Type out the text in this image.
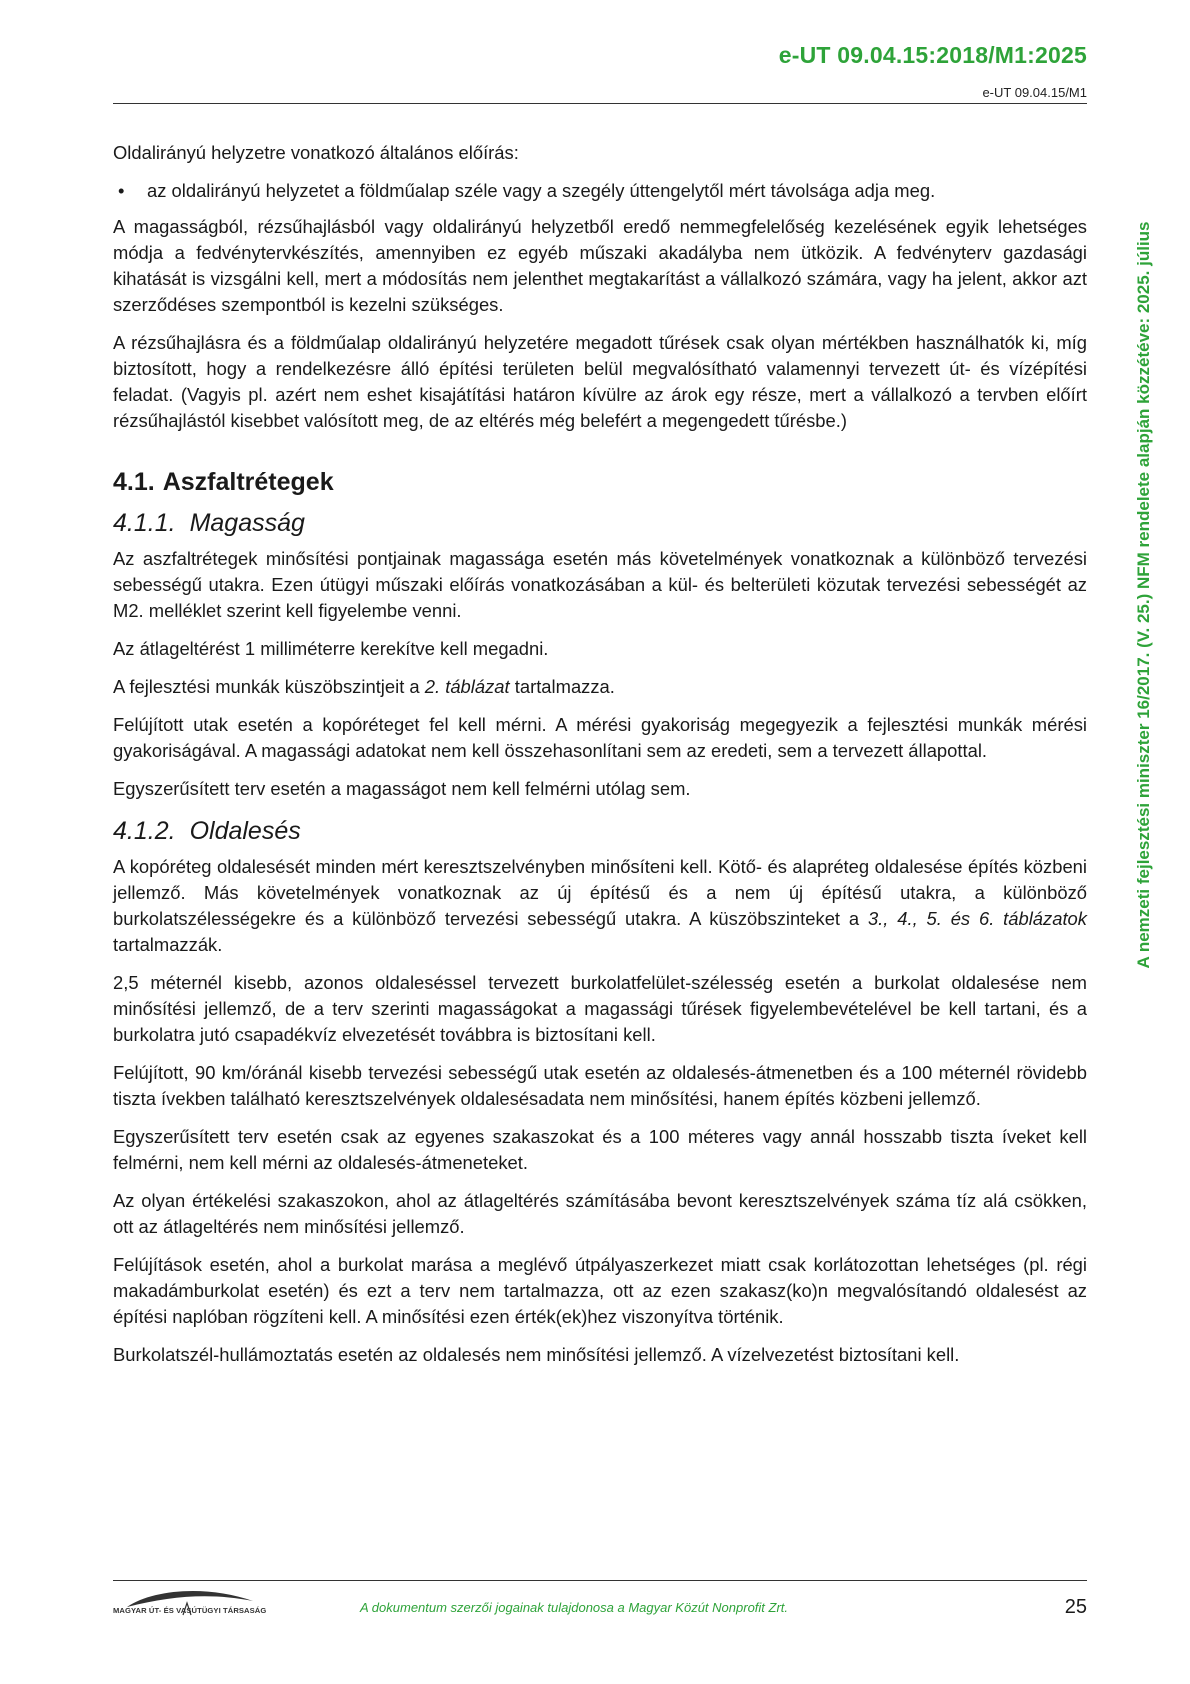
e-UT 09.04.15:2018/M1:2025
e-UT 09.04.15/M1
A nemzeti fejlesztési miniszter 16/2017. (V. 25.) NFM rendelete alapján közzétéve: 2025. július

Oldalirányú helyzetre vonatkozó általános előírás:

• az oldalirányú helyzetet a földműalap széle vagy a szegély úttengelytől mért távolsága adja meg.

A magasságból, rézsűhajlásból vagy oldalirányú helyzetből eredő nemmegfelelőség kezelésének egyik lehetséges módja a fedvénytervkészítés, amennyiben ez egyéb műszaki akadályba nem ütközik. A fedvényterv gazdasági kihatását is vizsgálni kell, mert a módosítás nem jelenthet megtakarítást a vállalkozó számára, vagy ha jelent, akkor azt szerződéses szempontból is kezelni szükséges.

A rézsűhajlásra és a földműalap oldalirányú helyzetére megadott tűrések csak olyan mértékben használhatók ki, míg biztosított, hogy a rendelkezésre álló építési területen belül megvalósítható valamennyi tervezett út- és vízépítési feladat. (Vagyis pl. azért nem eshet kisajátítási határon kívülre az árok egy része, mert a vállalkozó a tervben előírt rézsűhajlástól kisebbet valósított meg, de az eltérés még belefért a megengedett tűrésbe.)

4.1. Aszfaltrétegek
4.1.1. Magasság

Az aszfaltrétegek minősítési pontjainak magassága esetén más követelmények vonatkoznak a különböző tervezési sebességű utakra. Ezen útügyi műszaki előírás vonatkozásában a kül- és belterületi közutak tervezési sebességét az M2. melléklet szerint kell figyelembe venni.

Az átlageltérést 1 milliméterre kerekítve kell megadni.

A fejlesztési munkák küszöbszintjeit a 2. táblázat tartalmazza.

Felújított utak esetén a kopóréteget fel kell mérni. A mérési gyakoriság megegyezik a fejlesztési munkák mérési gyakoriságával. A magassági adatokat nem kell összehasonlítani sem az eredeti, sem a tervezett állapottal.

Egyszerűsített terv esetén a magasságot nem kell felmérni utólag sem.

4.1.2. Oldalesés

A kopóréteg oldalesését minden mért keresztszelvényben minősíteni kell. Kötő- és alapréteg oldalesése építés közbeni jellemző. Más követelmények vonatkoznak az új építésű és a nem új építésű utakra, a különböző burkolatszélességekre és a különböző tervezési sebességű utakra. A küszöbszinteket a 3., 4., 5. és 6. táblázatok tartalmazzák.

2,5 méternél kisebb, azonos oldaleséssel tervezett burkolatfelület-szélesség esetén a burkolat oldalesése nem minősítési jellemző, de a terv szerinti magasságokat a magassági tűrések figyelembevételével be kell tartani, és a burkolatra jutó csapadékvíz elvezetését továbbra is biztosítani kell.

Felújított, 90 km/óránál kisebb tervezési sebességű utak esetén az oldalesés-átmenetben és a 100 méternél rövidebb tiszta ívekben található keresztszelvények oldalesésadata nem minősítési, hanem építés közbeni jellemző.

Egyszerűsített terv esetén csak az egyenes szakaszokat és a 100 méteres vagy annál hosszabb tiszta íveket kell felmérni, nem kell mérni az oldalesés-átmeneteket.

Az olyan értékelési szakaszokon, ahol az átlageltérés számításába bevont keresztszelvények száma tíz alá csökken, ott az átlageltérés nem minősítési jellemző.

Felújítások esetén, ahol a burkolat marása a meglévő útpályaszerkezet miatt csak korlátozottan lehetséges (pl. régi makadámburkolat esetén) és ezt a terv nem tartalmazza, ott az ezen szakasz(ko)n megvalósítandó oldalesést az építési naplóban rögzíteni kell. A minősítési ezen érték(ek)hez viszonyítva történik.

Burkolatszél-hullámoztatás esetén az oldalesés nem minősítési jellemző. A vízelvezetést biztosítani kell.

MAGYAR ÚT- ÉS VASÚTÜGYI TÁRSASÁG	A dokumentum szerzői jogainak tulajdonosa a Magyar Közút Nonprofit Zrt.	25
